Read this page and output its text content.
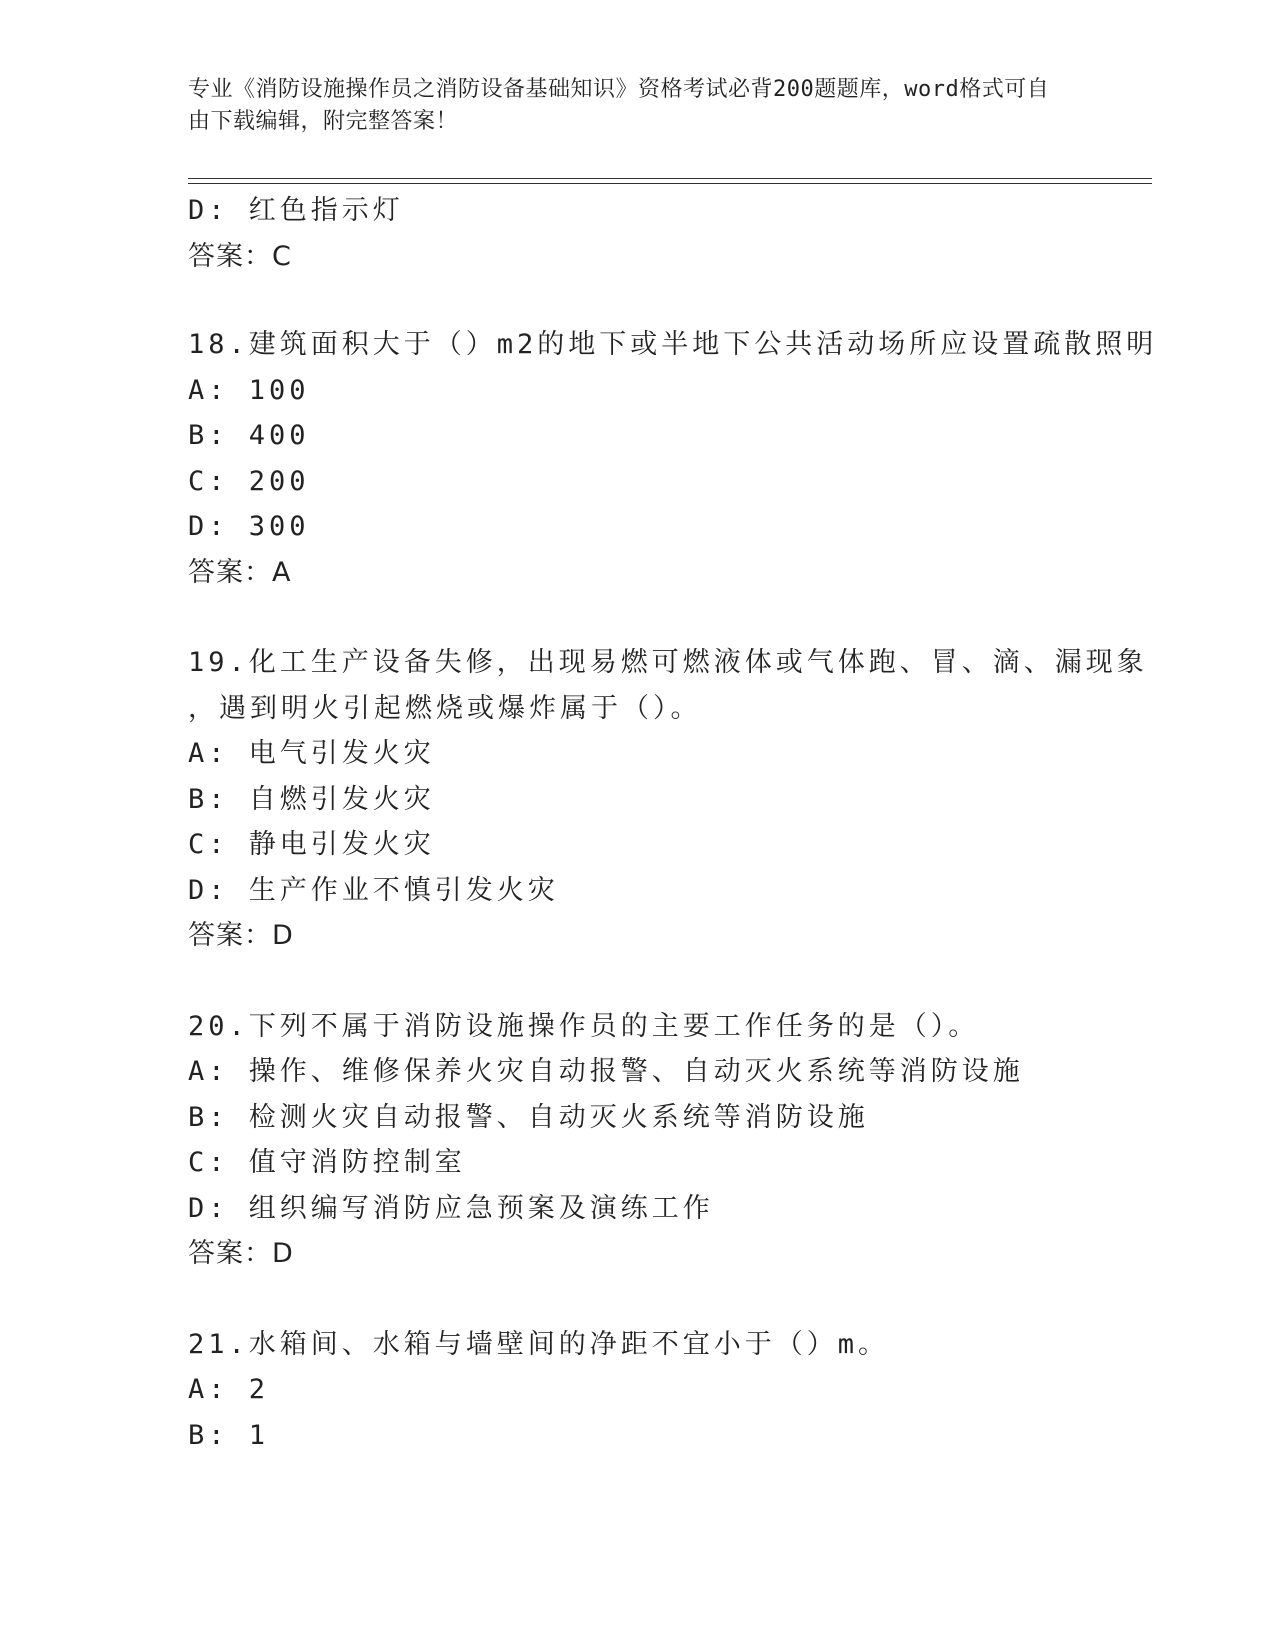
专业《消防设施操作员之消防设备基础知识》资格考试必背200题题库，word格式可自由下载编辑，附完整答案！
D: 红色指示灯
答案：C
18.建筑面积大于（）m2的地下或半地下公共活动场所应设置疏散照明
A: 100
B: 400
C: 200
D: 300
答案：A
19.化工生产设备失修，出现易燃可燃液体或气体跑、冒、滴、漏现象
，遇到明火引起燃烧或爆炸属于（）。
A: 电气引发火灾
B: 自燃引发火灾
C: 静电引发火灾
D: 生产作业不慎引发火灾
答案：D
20.下列不属于消防设施操作员的主要工作任务的是（）。
A: 操作、维修保养火灾自动报警、自动灭火系统等消防设施
B: 检测火灾自动报警、自动灭火系统等消防设施
C: 值守消防控制室
D: 组织编写消防应急预案及演练工作
答案：D
21.水箱间、水箱与墙壁间的净距不宜小于（）m。
A: 2
B: 1
